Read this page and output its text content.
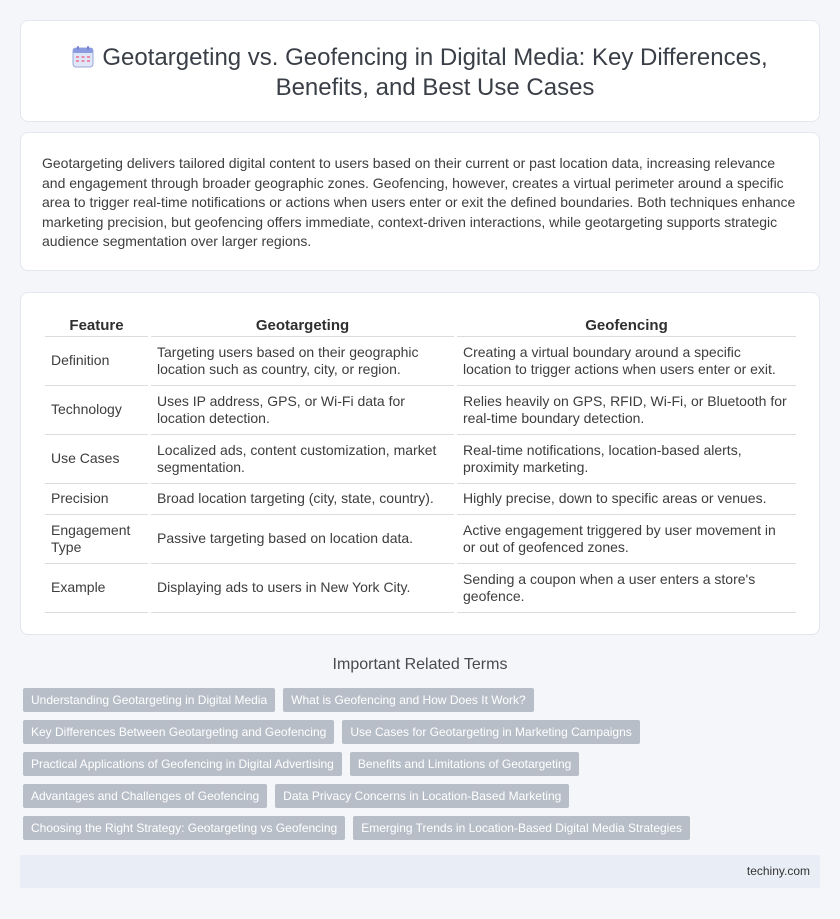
Geotargeting vs. Geofencing in Digital Media: Key Differences, Benefits, and Best Use Cases

Geotargeting delivers tailored digital content to users based on their current or past location data, increasing relevance and engagement through broader geographic zones. Geofencing, however, creates a virtual perimeter around a specific area to trigger real-time notifications or actions when users enter or exit the defined boundaries. Both techniques enhance marketing precision, but geofencing offers immediate, context-driven interactions, while geotargeting supports strategic audience segmentation over larger regions.

Feature	Geotargeting	Geofencing
Definition	Targeting users based on their geographic location such as country, city, or region.	Creating a virtual boundary around a specific location to trigger actions when users enter or exit.
Technology	Uses IP address, GPS, or Wi-Fi data for location detection.	Relies heavily on GPS, RFID, Wi-Fi, or Bluetooth for real-time boundary detection.
Use Cases	Localized ads, content customization, market segmentation.	Real-time notifications, location-based alerts, proximity marketing.
Precision	Broad location targeting (city, state, country).	Highly precise, down to specific areas or venues.
Engagement Type	Passive targeting based on location data.	Active engagement triggered by user movement in or out of geofenced zones.
Example	Displaying ads to users in New York City.	Sending a coupon when a user enters a store's geofence.
Important Related Terms
Understanding Geotargeting in Digital Media	What is Geofencing and How Does It Work?
Key Differences Between Geotargeting and Geofencing	Use Cases for Geotargeting in Marketing Campaigns
Practical Applications of Geofencing in Digital Advertising	Benefits and Limitations of Geotargeting
Advantages and Challenges of Geofencing	Data Privacy Concerns in Location-Based Marketing
Choosing the Right Strategy: Geotargeting vs Geofencing	Emerging Trends in Location-Based Digital Media Strategies
techiny.com
